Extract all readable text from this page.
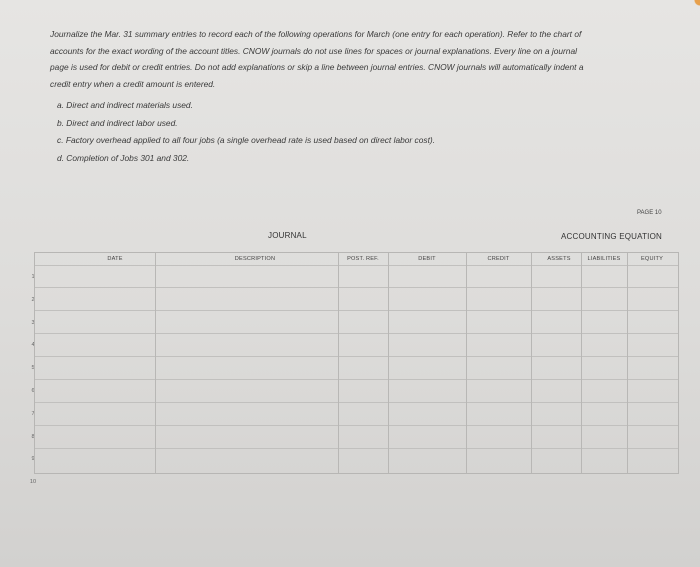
Journalize the Mar. 31 summary entries to record each of the following operations for March (one entry for each operation). Refer to the chart of

accounts for the exact wording of the account titles. CNOW journals do not use lines for spaces or journal explanations. Every line on a journal

page is used for debit or credit entries. Do not add explanations or skip a line between journal entries. CNOW journals will automatically indent a

credit entry when a credit amount is entered.

a. Direct and indirect materials used.
b. Direct and indirect labor used.
c. Factory overhead applied to all four jobs (a single overhead rate is used based on direct labor cost).
d. Completion of Jobs 301 and 302.
PAGE 10
JOURNAL	ACCOUNTING EQUATION
1
2
3
4
5
6
7
8
9
10
DATE	DESCRIPTION	POST. REF.	DEBIT	CREDIT	ASSETS	LIABILITIES	EQUITY
